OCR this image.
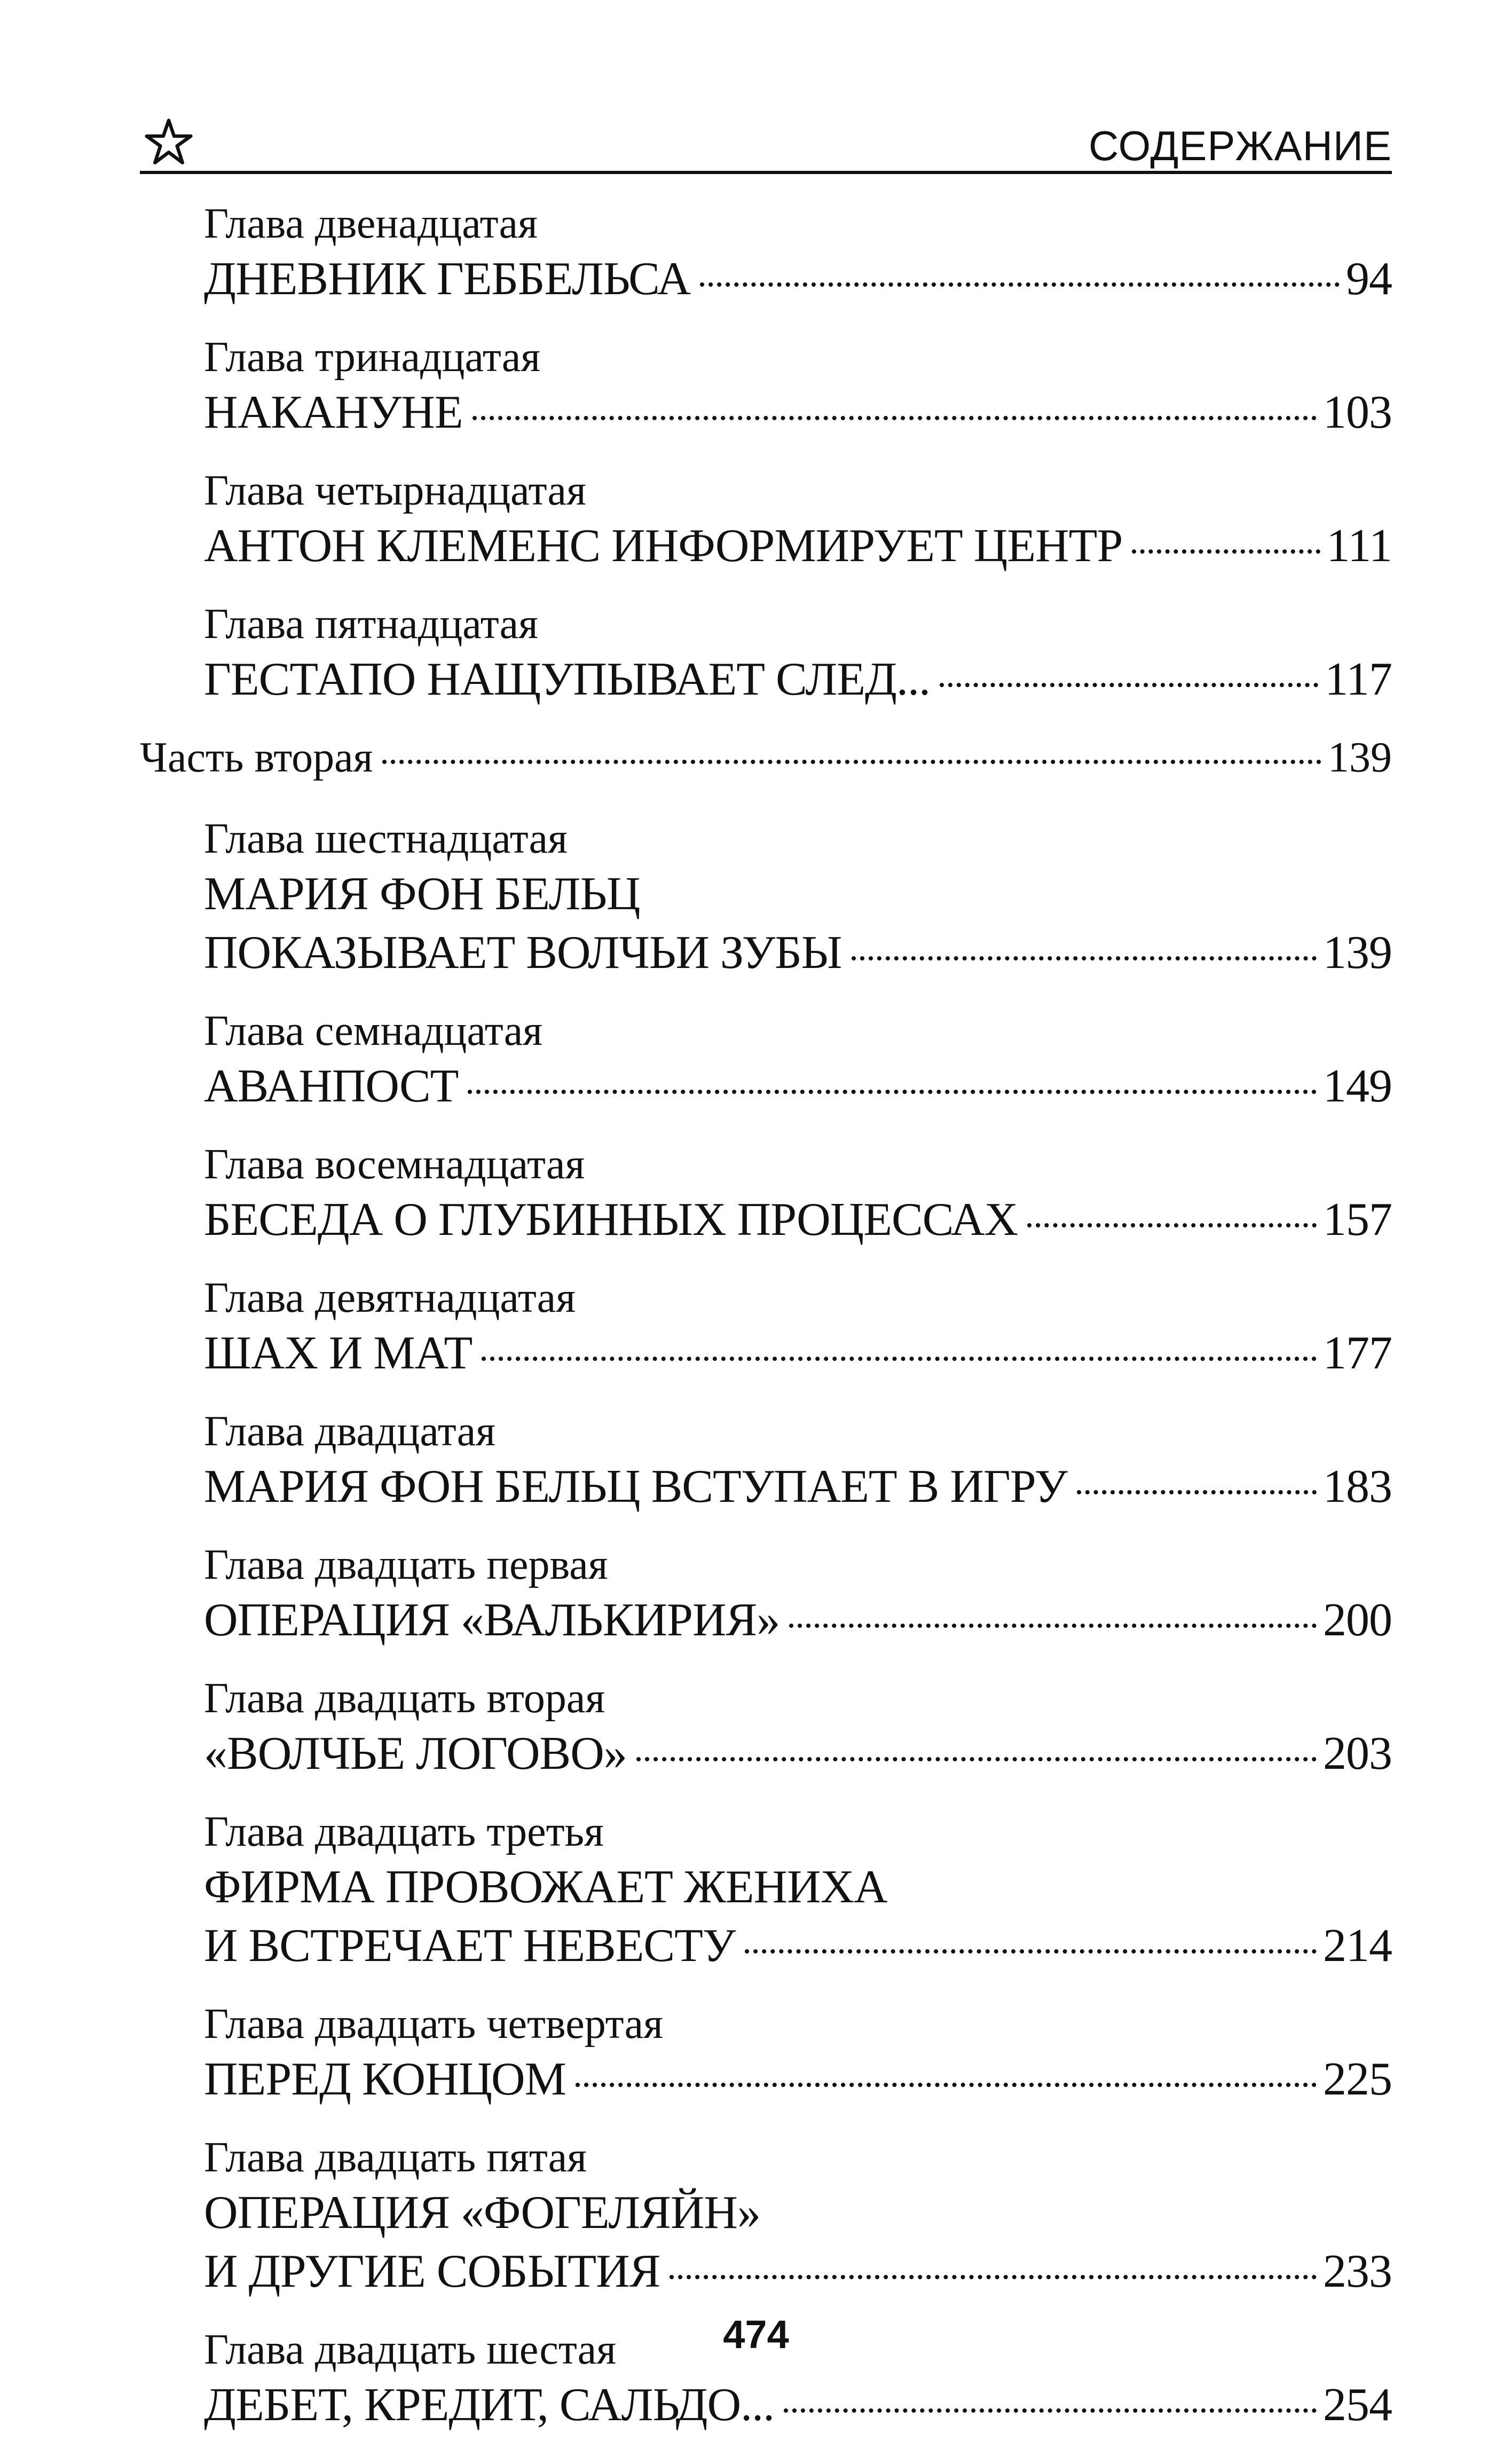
СОДЕРЖАНИЕ
Глава двенадцатая
ДНЕВНИК ГЕББЕЛЬСА	94
Глава тринадцатая
НАКАНУНЕ	103
Глава четырнадцатая
АНТОН КЛЕМЕНС ИНФОРМИРУЕТ ЦЕНТР	111
Глава пятнадцатая
ГЕСТАПО НАЩУПЫВАЕТ СЛЕД...	117
Часть вторая	139
Глава шестнадцатая
МАРИЯ ФОН БЕЛЬЦ
ПОКАЗЫВАЕТ ВОЛЧЬИ ЗУБЫ	139
Глава семнадцатая
АВАНПОСТ	149
Глава восемнадцатая
БЕСЕДА О ГЛУБИННЫХ ПРОЦЕССАХ	157
Глава девятнадцатая
ШАХ И МАТ	177
Глава двадцатая
МАРИЯ ФОН БЕЛЬЦ ВСТУПАЕТ В ИГРУ	183
Глава двадцать первая
ОПЕРАЦИЯ «ВАЛЬКИРИЯ»	200
Глава двадцать вторая
«ВОЛЧЬЕ ЛОГОВО»	203
Глава двадцать третья
ФИРМА ПРОВОЖАЕТ ЖЕНИХА
И ВСТРЕЧАЕТ НЕВЕСТУ	214
Глава двадцать четвертая
ПЕРЕД КОНЦОМ	225
Глава двадцать пятая
ОПЕРАЦИЯ «ФОГЕЛЯЙН»
И ДРУГИЕ СОБЫТИЯ	233
Глава двадцать шестая
ДЕБЕТ, КРЕДИТ, САЛЬДО...	254
474
